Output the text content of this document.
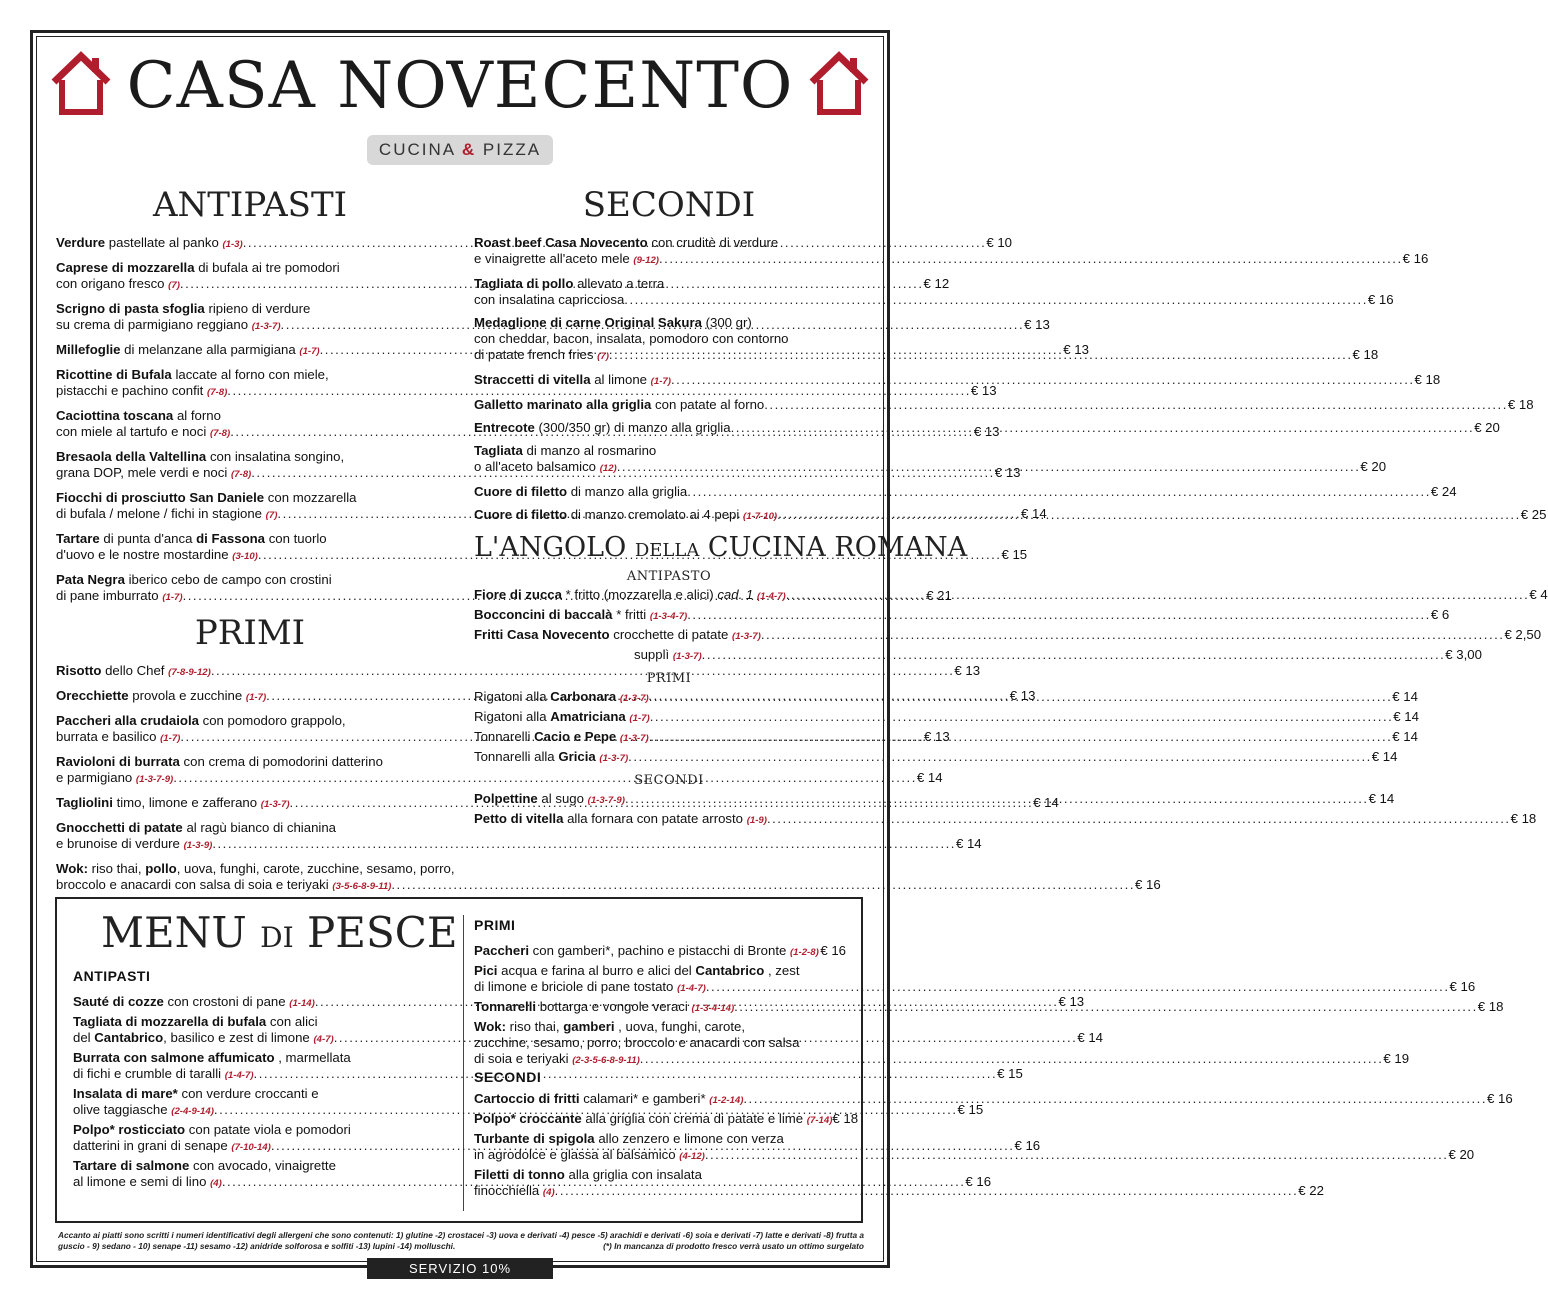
CASA NOVECENTO
CUCINA & PIZZA
ANTIPASTI
Verdure pastellate al panko (1-3) .....	€ 10
Caprese di mozzarella di bufala ai tre pomodori
con origano fresco (7) .....	€ 12
Scrigno di pasta sfoglia ripieno di verdure
su crema di parmigiano reggiano (1-3-7) .....	€ 13
Millefoglie di melanzane alla parmigiana (1-7) .....	€ 13
Ricottine di Bufala laccate al forno con miele,
pistacchi e pachino confit (7-8) .....	€ 13
Caciottina toscana al forno
con miele al tartufo e noci (7-8) .....	€ 13
Bresaola della Valtellina con insalatina songino,
grana DOP, mele verdi e noci (7-8) .....	€ 13
Fiocchi di prosciutto San Daniele con mozzarella
di bufala / melone / fichi in stagione (7) .....	€ 14
Tartare di punta d'anca di Fassona con tuorlo
d'uovo e le nostre mostardine (3-10) .....	€ 15
Pata Negra iberico cebo de campo con crostini
di pane imburrato (1-7) .....	€ 21
PRIMI
Risotto dello Chef (7-8-9-12) .....	€ 13
Orecchiette provola e zucchine (1-7) .....	€ 13
Paccheri alla crudaiola con pomodoro grappolo,
burrata e basilico (1-7) .....	€ 13
Ravioloni di burrata con crema di pomodorini datterino
e parmigiano (1-3-7-9) .....	€ 14
Tagliolini timo, limone e zafferano (1-3-7) .....	€ 14
Gnocchetti di patate al ragù bianco di chianina
e brunoise di verdure (1-3-9) .....	€ 14
Wok: riso thai, pollo, uova, funghi, carote, zucchine, sesamo, porro,
broccolo e anacardi con salsa di soia e teriyaki (3-5-6-8-9-11) .....	€ 16
SECONDI
Roast beef Casa Novecento con cruditè di verdure
e vinaigrette all'aceto mele (9-12) .....	€ 16
Tagliata di pollo allevato a terra
con insalatina capricciosa .....	€ 16
Medaglione di carne Original Sakura (300 gr)
con cheddar, bacon, insalata, pomodoro con contorno
di patate french fries (7) .....	€ 18
Straccetti di vitella al limone (1-7) .....	€ 18
Galletto marinato alla griglia con patate al forno .....	€ 18
Entrecote (300/350 gr) di manzo alla griglia .....	€ 20
Tagliata di manzo al rosmarino
o all'aceto balsamico (12) .....	€ 20
Cuore di filetto di manzo alla griglia .....	€ 24
Cuore di filetto di manzo cremolato ai 4 pepi (1-7-10) .....	€ 25
L'ANGOLO DELLA CUCINA ROMANA
ANTIPASTO
Fiore di zucca * fritto (mozzarella e alici) cad. 1 (1-4-7) .....	€ 4
Bocconcini di baccalà * fritti (1-3-4-7) .....	€ 6
Fritti Casa Novecento crocchette di patate (1-3-7) .....	€ 2,50
supplì (1-3-7) .....	€ 3,00
PRIMI
Rigatoni alla Carbonara (1-3-7) .....	€ 14
Rigatoni alla Amatriciana (1-7) .....	€ 14
Tonnarelli Cacio e Pepe (1-3-7) .....	€ 14
Tonnarelli alla Gricia (1-3-7) .....	€ 14
SECONDI
Polpettine al sugo (1-3-7-9) .....	€ 14
Petto di vitella alla fornara con patate arrosto (1-9) .....	€ 18
MENU DI PESCE
ANTIPASTI
Sauté di cozze con crostoni di pane (1-14) .....	€ 13
Tagliata di mozzarella di bufala con alici
del Cantabrico, basilico e zest di limone (4-7) .....	€ 14
Burrata con salmone affumicato , marmellata
di fichi e crumble di taralli (1-4-7) .....	€ 15
Insalata di mare* con verdure croccanti e
olive taggiasche (2-4-9-14) .....	€ 15
Polpo* rosticciato con patate viola e pomodori
datterini in grani di senape (7-10-14) .....	€ 16
Tartare di salmone con avocado, vinaigrette
al limone e semi di lino (4) .....	€ 16
PRIMI
Paccheri con gamberi*, pachino e pistacchi di Bronte (1-2-8) ..... € 16
Pici acqua e farina al burro e alici del Cantabrico , zest
di limone e briciole di pane tostato (1-4-7) .....	€ 16
Tonnarelli bottarga e vongole veraci (1-3-4-14) .....	€ 18
Wok: riso thai, gamberi , uova, funghi, carote,
zucchine, sesamo, porro, broccolo e anacardi con salsa
di soia e teriyaki (2-3-5-6-8-9-11) .....	€ 19
SECONDI
Cartoccio di fritti calamari* e gamberi* (1-2-14) .....	€ 16
Polpo* croccante alla griglia con crema di patate e lime (7-14) € 18
Turbante di spigola allo zenzero e limone con verza
in agrodolce e glassa al balsamico (4-12) .....	€ 20
Filetti di tonno alla griglia con insalata
finocchiella (4) .....	€ 22
Accanto ai piatti sono scritti i numeri identificativi degli allergeni che sono contenuti: 1) glutine -2) crostacei -3) uova e derivati -4) pesce -5) arachidi e derivati -6) soia e derivati -7) latte e derivati -8) frutta a guscio - 9) sedano - 10) senape -11) sesamo -12) anidride solforosa e solfiti -13) lupini -14) molluschi.	(*) In mancanza di prodotto fresco verrà usato un ottimo surgelato
SERVIZIO 10%
